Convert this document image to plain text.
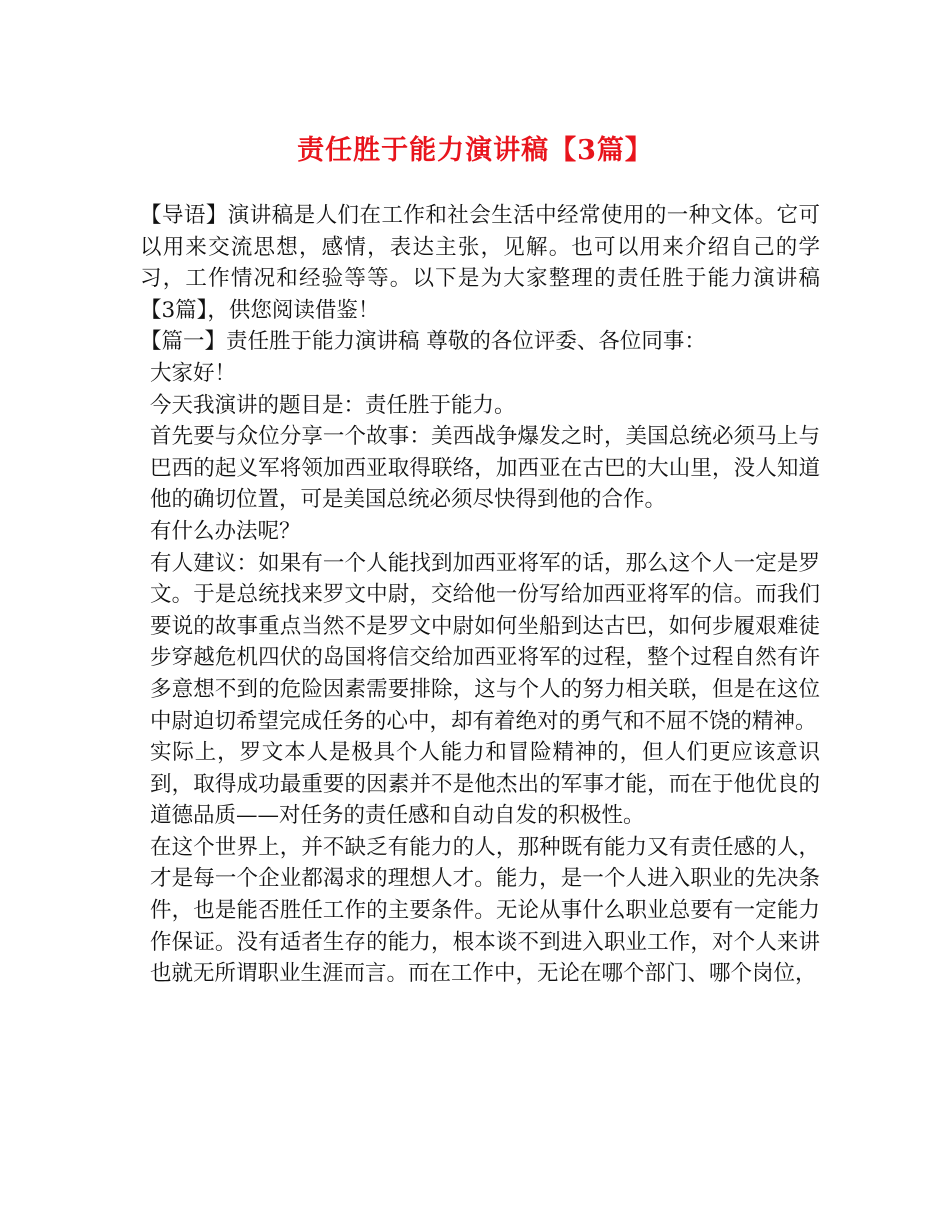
责任胜于能力演讲稿【3篇】

【导语】演讲稿是人们在工作和社会生活中经常使用的一种文体。它可以用来交流思想，感情，表达主张，见解。也可以用来介绍自己的学习，工作情况和经验等等。以下是为大家整理的责任胜于能力演讲稿【3篇】，供您阅读借鉴！

【篇一】责任胜于能力演讲稿 尊敬的各位评委、各位同事：

大家好！

今天我演讲的题目是：责任胜于能力。

首先要与众位分享一个故事：美西战争爆发之时，美国总统必须马上与巴西的起义军将领加西亚取得联络，加西亚在古巴的大山里，没人知道他的确切位置，可是美国总统必须尽快得到他的合作。

有什么办法呢？

有人建议：如果有一个人能找到加西亚将军的话，那么这个人一定是罗文。于是总统找来罗文中尉，交给他一份写给加西亚将军的信。而我们要说的故事重点当然不是罗文中尉如何坐船到达古巴，如何步履艰难徒步穿越危机四伏的岛国将信交给加西亚将军的过程，整个过程自然有许多意想不到的危险因素需要排除，这与个人的努力相关联，但是在这位中尉迫切希望完成任务的心中，却有着绝对的勇气和不屈不饶的精神。

实际上，罗文本人是极具个人能力和冒险精神的，但人们更应该意识到，取得成功最重要的因素并不是他杰出的军事才能，而在于他优良的道德品质——对任务的责任感和自动自发的积极性。

在这个世界上，并不缺乏有能力的人，那种既有能力又有责任感的人，才是每一个企业都渴求的理想人才。能力，是一个人进入职业的先决条件，也是能否胜任工作的主要条件。无论从事什么职业总要有一定能力作保证。没有适者生存的能力，根本谈不到进入职业工作，对个人来讲也就无所谓职业生涯而言。而在工作中，无论在哪个部门、哪个岗位，
